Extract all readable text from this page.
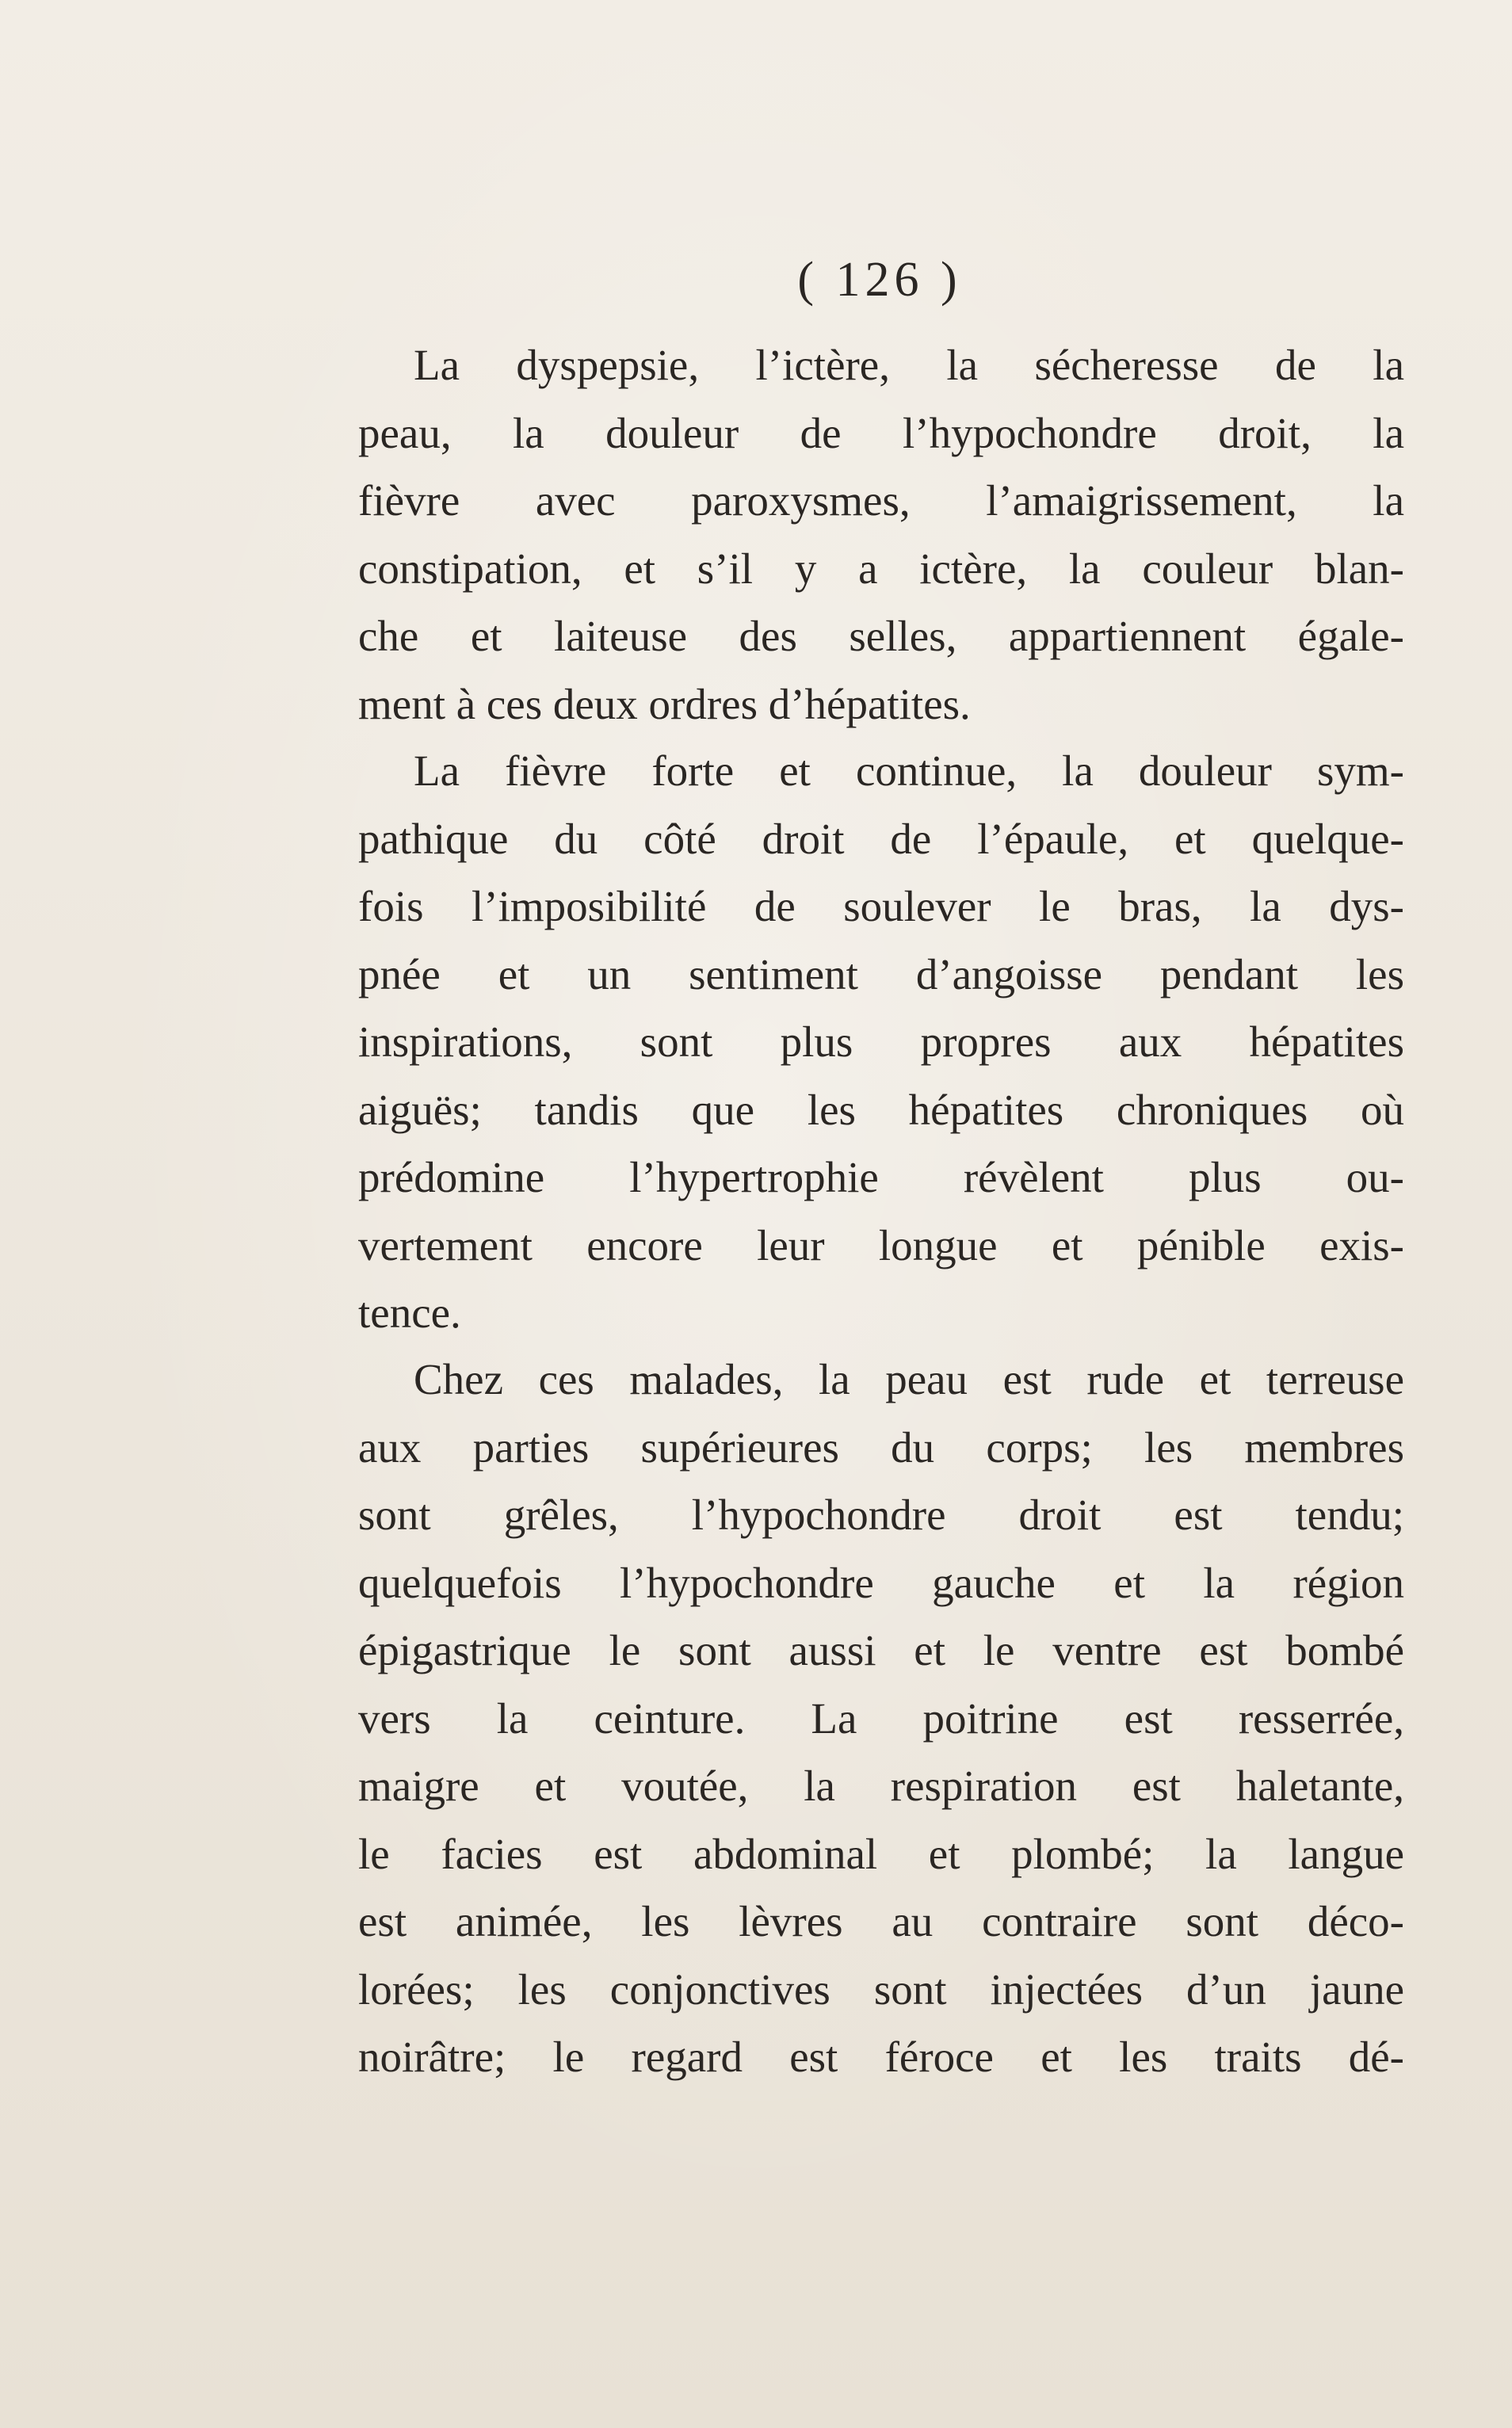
( 126 )
La dyspepsie, l’ictère, la sécheresse de la
peau, la douleur de l’hypochondre droit, la
fièvre avec paroxysmes, l’amaigrissement, la
constipation, et s’il y a ictère, la couleur blan-
che et laiteuse des selles, appartiennent égale-
ment à ces deux ordres d’hépatites.
La fièvre forte et continue, la douleur sym-
pathique du côté droit de l’épaule, et quelque-
fois l’imposibilité de soulever le bras, la dys-
pnée et un sentiment d’angoisse pendant les
inspirations, sont plus propres aux hépatites
aiguës; tandis que les hépatites chroniques où
prédomine l’hypertrophie révèlent plus ou-
vertement encore leur longue et pénible exis-
tence.
Chez ces malades, la peau est rude et terreuse
aux parties supérieures du corps; les membres
sont grêles, l’hypochondre droit est tendu;
quelquefois l’hypochondre gauche et la région
épigastrique le sont aussi et le ventre est bombé
vers la ceinture. La poitrine est resserrée,
maigre et voutée, la respiration est haletante,
le facies est abdominal et plombé; la langue
est animée, les lèvres au contraire sont déco-
lorées; les conjonctives sont injectées d’un jaune
noirâtre; le regard est féroce et les traits dé-
